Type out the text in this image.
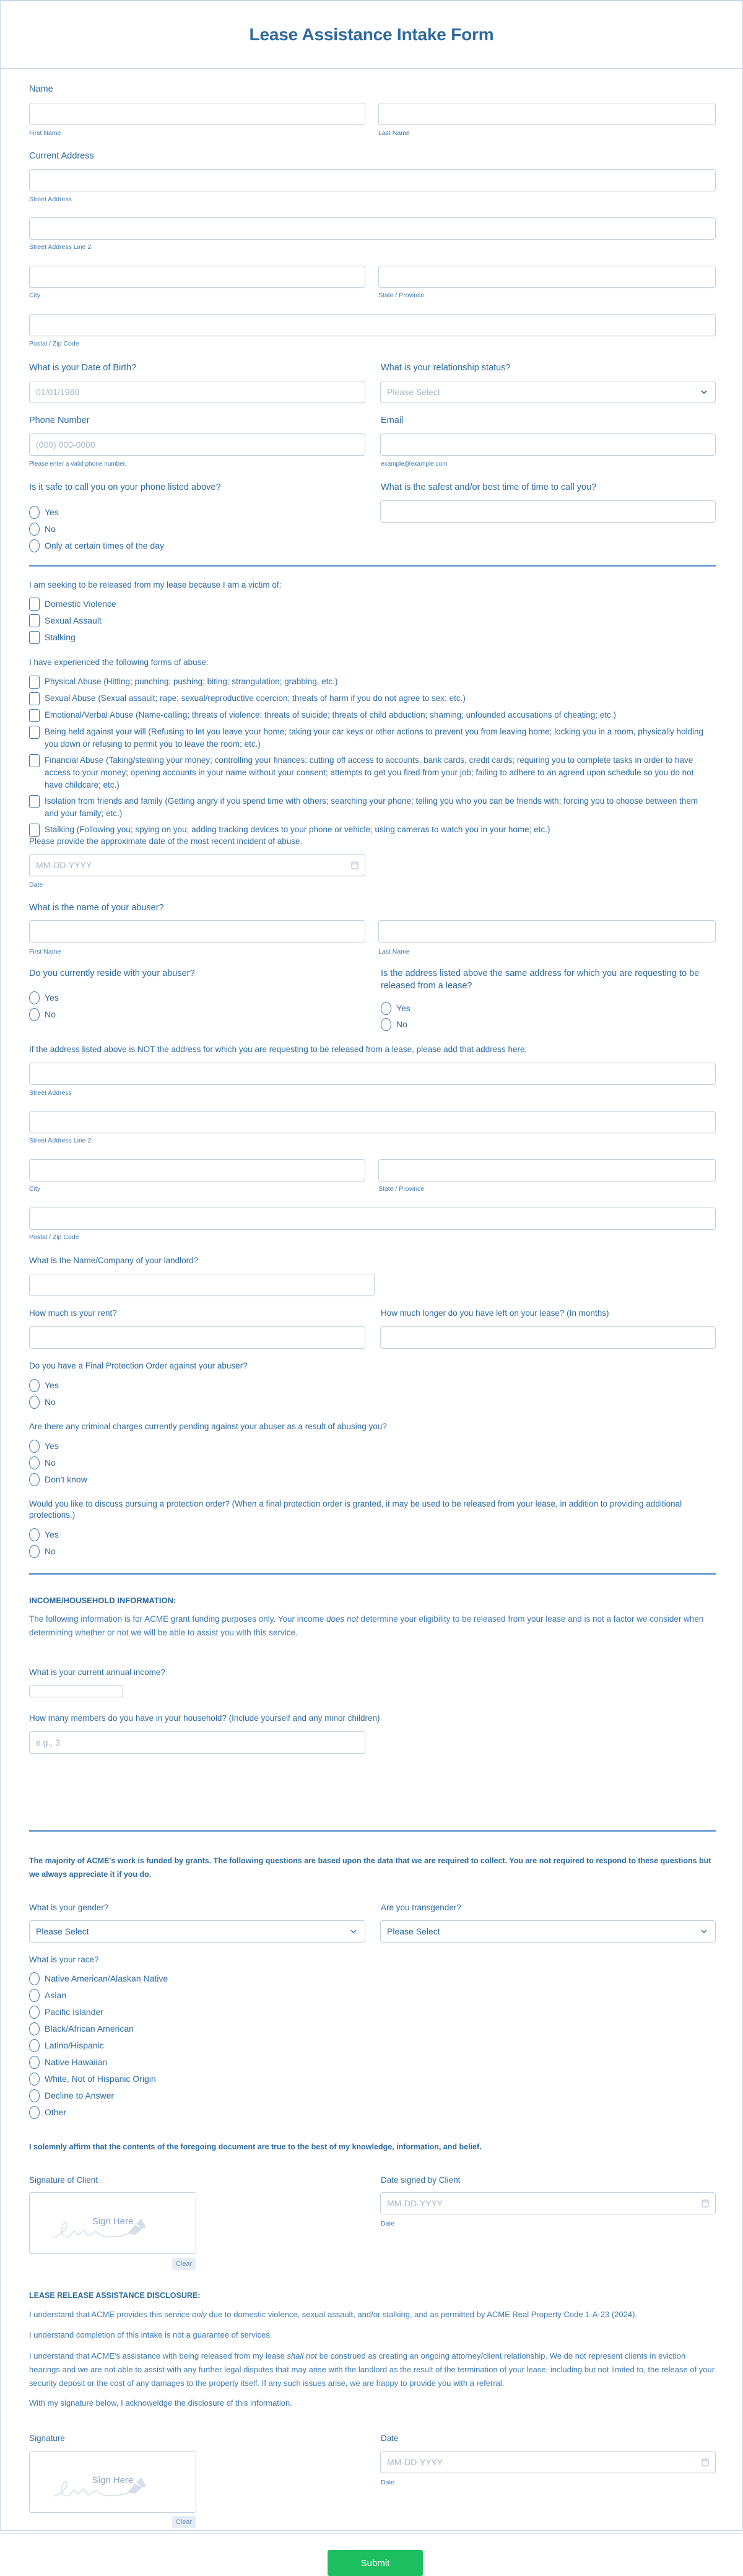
Lease Assistance Intake Form
Name
First Name	Last Name
Current Address
Street Address
Street Address Line 2
City	State / Province
Postal / Zip Code
What is your Date of Birth?	What is your relationship status?
01/01/1980	Please Select
Phone Number	Email
(000) 000-0000
Please enter a valid phone number.	example@example.com
Is it safe to call you on your phone listed above?	What is the safest and/or best time of time to call you?
Yes
No
Only at certain times of the day
I am seeking to be released from my lease because I am a victim of:
Domestic Violence
Sexual Assault
Stalking
I have experienced the following forms of abuse:
Physical Abuse (Hitting; punching; pushing; biting; strangulation; grabbing, etc.)
Sexual Abuse (Sexual assault; rape; sexual/reproductive coercion; threats of harm if you do not agree to sex; etc.)
Emotional/Verbal Abuse (Name-calling; threats of violence; threats of suicide; threats of child abduction; shaming; unfounded accusations of cheating; etc.)
Being held against your will (Refusing to let you leave your home; taking your car keys or other actions to prevent you from leaving home; locking you in a room, physically holding you down or refusing to permit you to leave the room; etc.)
Financial Abuse (Taking/stealing your money; controlling your finances; cutting off access to accounts, bank cards, credit cards; requiring you to complete tasks in order to have access to your money; opening accounts in your name without your consent; attempts to get you fired from your job; failing to adhere to an agreed upon schedule so you do not have childcare; etc.)
Isolation from friends and family (Getting angry if you spend time with others; searching your phone; telling you who you can be friends with; forcing you to choose between them and your family; etc.)
Stalking (Following you; spying on you; adding tracking devices to your phone or vehicle; using cameras to watch you in your home; etc.)
Please provide the approximate date of the most recent incident of abuse.
MM-DD-YYYY
Date
What is the name of your abuser?
First Name	Last Name
Do you currently reside with your abuser?
Yes
No
Is the address listed above the same address for which you are requesting to be released from a lease?
Yes
No
If the address listed above is NOT the address for which you are requesting to be released from a lease, please add that address here:
Street Address
Street Address Line 2
City	State / Province
Postal / Zip Code
What is the Name/Company of your landlord?
How much is your rent?	How much longer do you have left on your lease? (In months)
Do you have a Final Protection Order against your abuser?
Yes
No
Are there any criminal charges currently pending against your abuser as a result of abusing you?
Yes
No
Don't know
Would you like to discuss pursuing a protection order? (When a final protection order is granted, it may be used to be released from your lease, in addition to providing additional protections.)
Yes
No
INCOME/HOUSEHOLD INFORMATION:
The following information is for ACME grant funding purposes only. Your income does not determine your eligibility to be released from your lease and is not a factor we consider when determining whether or not we will be able to assist you with this service.
What is your current annual income?
How many members do you have in your household? (Include yourself and any minor children)
e.g., 3
The majority of ACME's work is funded by grants. The following questions are based upon the data that we are required to collect. You are not required to respond to these questions but we always appreciate it if you do.
What is your gender?	Are you transgender?
Please Select	Please Select
What is your race?
Native American/Alaskan Native
Asian
Pacific Islander
Black/African American
Latino/Hispanic
Native Hawaiian
White, Not of Hispanic Origin
Decline to Answer
Other
I solemnly affirm that the contents of the foregoing document are true to the best of my knowledge, information, and belief.
Signature of Client
Sign Here
Clear
Date signed by Client
MM-DD-YYYY
Date
LEASE RELEASE ASSISTANCE DISCLOSURE:
I understand that ACME provides this service only due to domestic violence, sexual assault, and/or stalking, and as permitted by ACME Real Property Code 1-A-23 (2024).
I understand completion of this intake is not a guarantee of services.
I understand that ACME's assistance with being released from my lease shall not be construed as creating an ongoing attorney/client relationship. We do not represent clients in eviction hearings and we are not able to assist with any further legal disputes that may arise with the landlord as the result of the termination of your lease, including but not limited to, the release of your security deposit or the cost of any damages to the property itself. If any such issues arise, we are happy to provide you with a referral.
With my signature below, I acknoweldge the disclosure of this information.
Signature
Sign Here
Clear
Date
MM-DD-YYYY
Date
Submit
